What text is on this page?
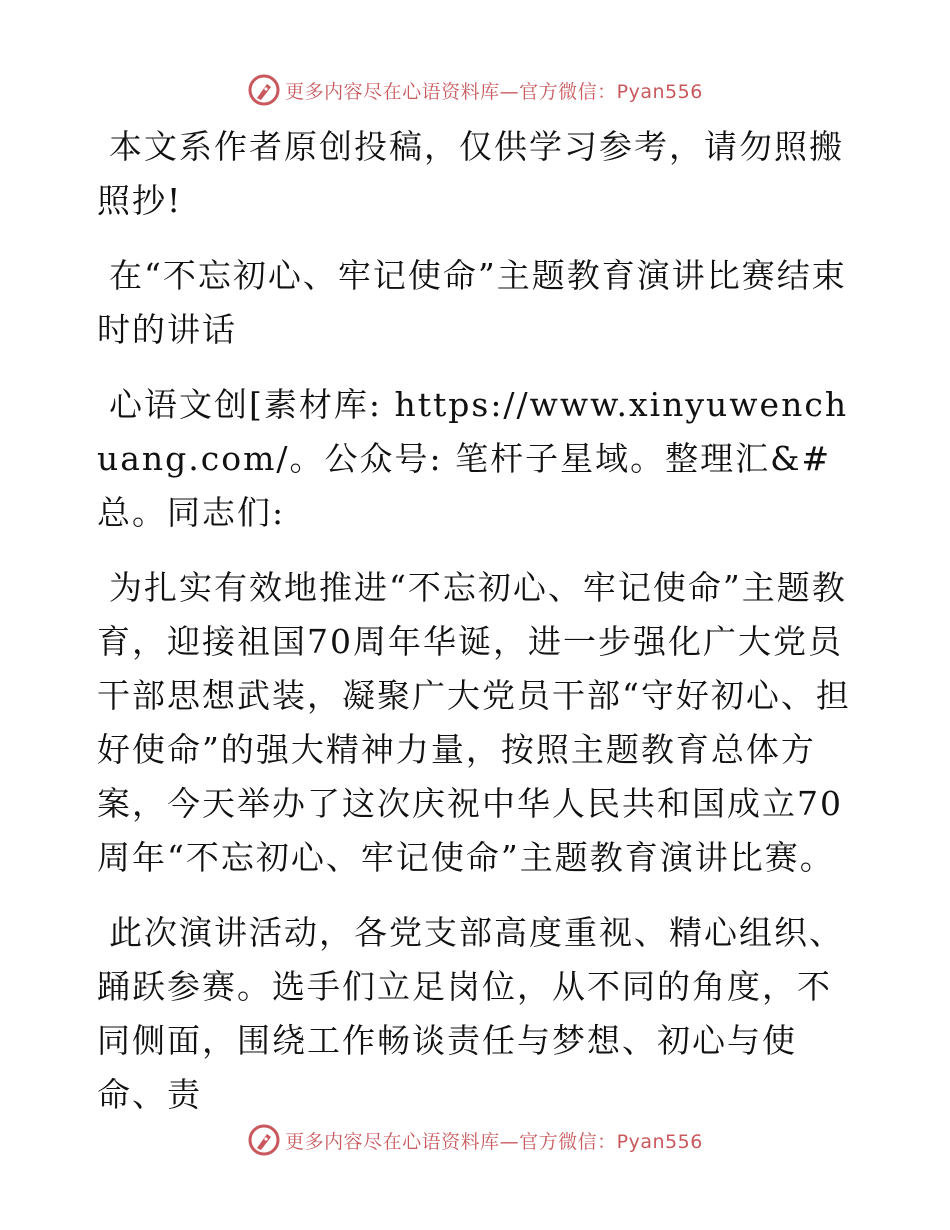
更多内容尽在心语资料库—官方微信：Pyan556

本文系作者原创投稿，仅供学习参考，请勿照搬照抄!

在“不忘初心、牢记使命”主题教育演讲比赛结束时的讲话

心语文创[素材库: https://www.xinyuwenchuang.com/。公众号: 笔杆子星域。整理汇&#总。同志们:

为扎实有效地推进“不忘初心、牢记使命”主题教育，迎接祖国70周年华诞，进一步强化广大党员干部思想武装，凝聚广大党员干部“守好初心、担好使命”的强大精神力量，按照主题教育总体方案，今天举办了这次庆祝中华人民共和国成立70周年“不忘初心、牢记使命”主题教育演讲比赛。

此次演讲活动，各党支部高度重视、精心组织、踊跃参赛。选手们立足岗位，从不同的角度，不同侧面，围绕工作畅谈责任与梦想、初心与使命、责

更多内容尽在心语资料库—官方微信：Pyan556
